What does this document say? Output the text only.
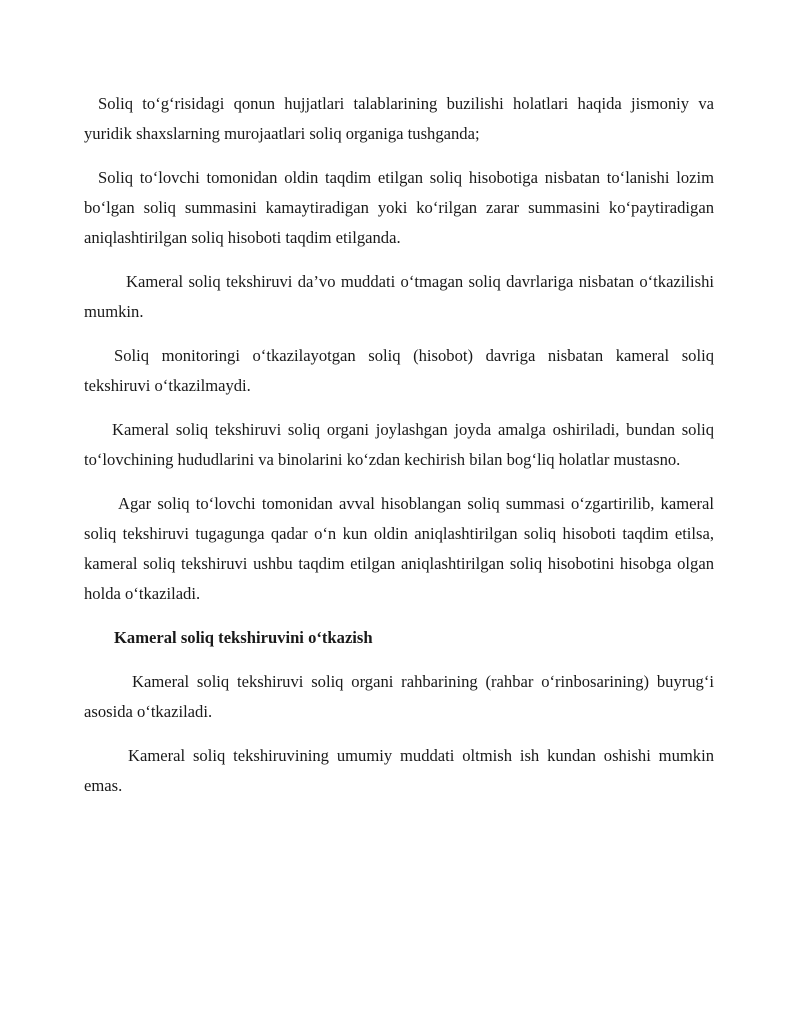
Soliq to‘g‘risidagi qonun hujjatlari talablarining buzilishi holatlari haqida jismoniy va yuridik shaxslarning murojaatlari soliq organiga tushganda;

Soliq to‘lovchi tomonidan oldin taqdim etilgan soliq hisobotiga nisbatan to‘lanishi lozim bo‘lgan soliq summasini kamaytiradigan yoki ko‘rilgan zarar summasini ko‘paytiradigan aniqlashtirilgan soliq hisoboti taqdim etilganda.

Kameral soliq tekshiruvi da’vo muddati o‘tmagan soliq davrlariga nisbatan o‘tkazilishi mumkin.

Soliq monitoringi o‘tkazilayotgan soliq (hisobot) davriga nisbatan kameral soliq tekshiruvi o‘tkazilmaydi.

Kameral soliq tekshiruvi soliq organi joylashgan joyda amalga oshiriladi, bundan soliq to‘lovchining hududlarini va binolarini ko‘zdan kechirish bilan bog‘liq holatlar mustasno.

Agar soliq to‘lovchi tomonidan avval hisoblangan soliq summasi o‘zgartirilib, kameral soliq tekshiruvi tugagunga qadar o‘n kun oldin aniqlashtirilgan soliq hisoboti taqdim etilsa, kameral soliq tekshiruvi ushbu taqdim etilgan aniqlashtirilgan soliq hisobotini hisobga olgan holda o‘tkaziladi.

Kameral soliq tekshiruvini o‘tkazish

Kameral soliq tekshiruvi soliq organi rahbarining (rahbar o‘rinbosarining) buyrug‘i asosida o‘tkaziladi.

Kameral soliq tekshiruvining umumiy muddati oltmish ish kundan oshishi mumkin emas.
